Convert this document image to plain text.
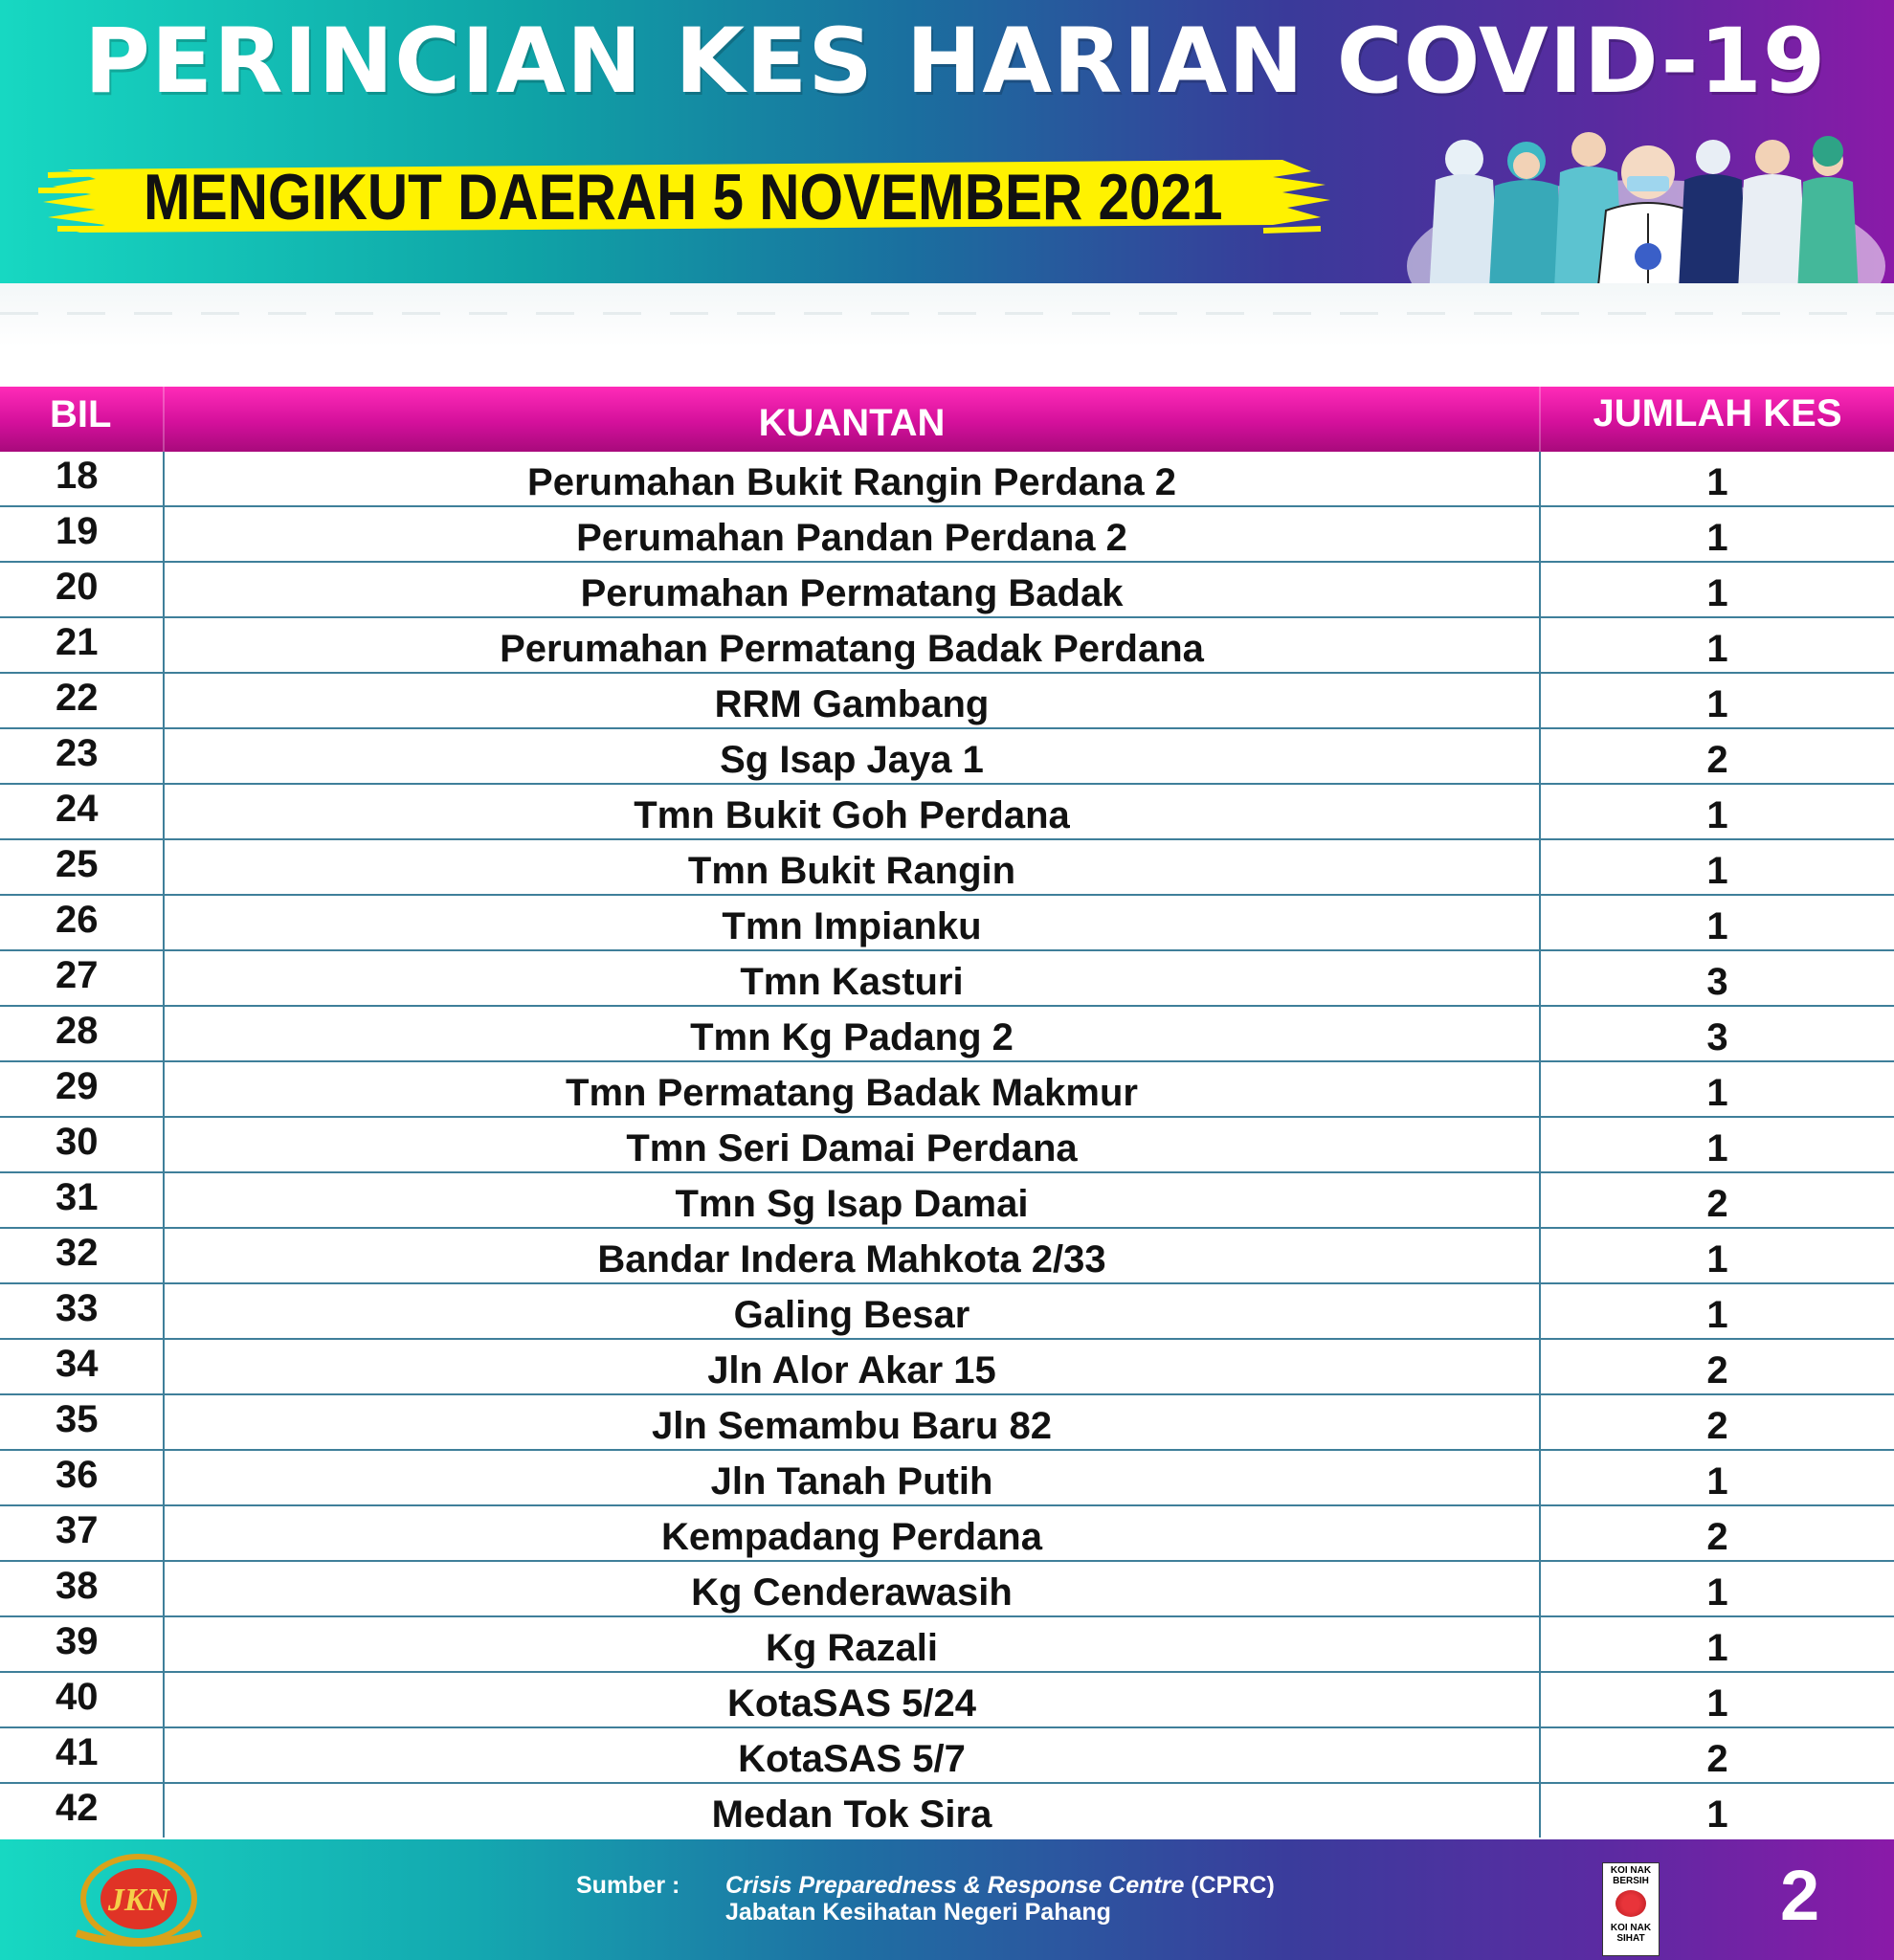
PERINCIAN KES HARIAN COVID-19
MENGIKUT DAERAH 5 NOVEMBER 2021
BIL	KUANTAN	JUMLAH KES
18	Perumahan Bukit Rangin Perdana 2	1
19	Perumahan Pandan Perdana 2	1
20	Perumahan Permatang Badak	1
21	Perumahan Permatang Badak Perdana	1
22	RRM Gambang	1
23	Sg Isap Jaya 1	2
24	Tmn Bukit Goh Perdana	1
25	Tmn Bukit Rangin	1
26	Tmn Impianku	1
27	Tmn Kasturi	3
28	Tmn Kg Padang 2	3
29	Tmn Permatang Badak Makmur	1
30	Tmn Seri Damai Perdana	1
31	Tmn Sg Isap Damai	2
32	Bandar Indera Mahkota 2/33	1
33	Galing Besar	1
34	Jln Alor Akar 15	2
35	Jln Semambu Baru 82	2
36	Jln Tanah Putih	1
37	Kempadang Perdana	2
38	Kg Cenderawasih	1
39	Kg Razali	1
40	KotaSAS 5/24	1
41	KotaSAS 5/7	2
42	Medan Tok Sira	1
JKN	Sumber : Crisis Preparedness & Response Centre (CPRC)
Jabatan Kesihatan Negeri Pahang
KOI NAK BERSIH
KOI NAK SIHAT
2
